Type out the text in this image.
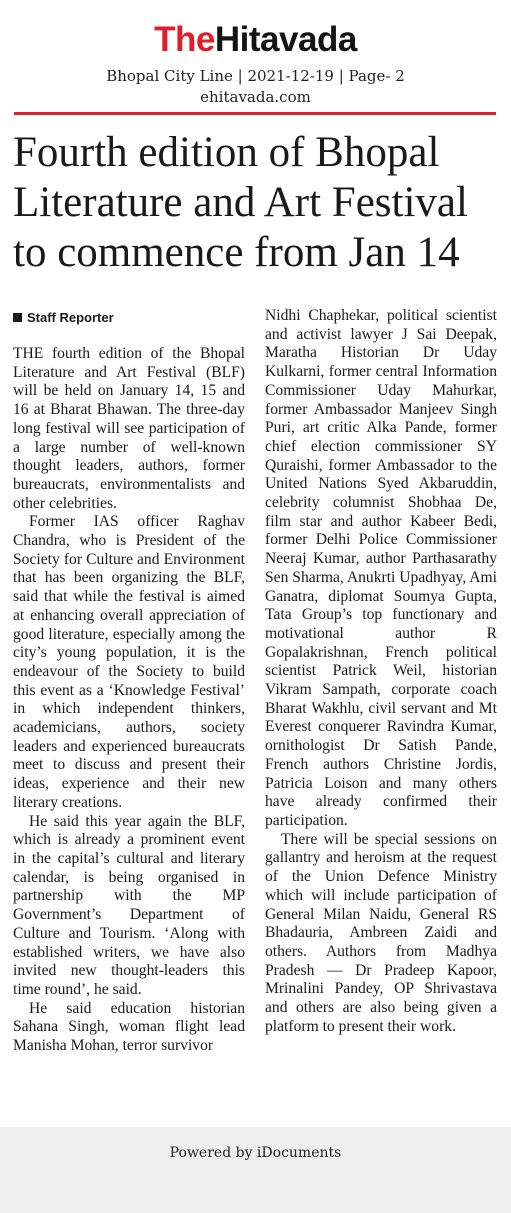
TheHitavada
Bhopal City Line | 2021-12-19 | Page- 2
ehitavada.com
Fourth edition of Bhopal Literature and Art Festival to commence from Jan 14
Staff Reporter

THE fourth edition of the Bhopal Literature and Art Festival (BLF) will be held on January 14, 15 and 16 at Bharat Bhawan. The three-day long festival will see participation of a large number of well-known thought leaders, authors, former bureaucrats, environmentalists and other celebrities.

Former IAS officer Raghav Chandra, who is President of the Society for Culture and Environment that has been organizing the BLF, said that while the festival is aimed at enhancing overall appreciation of good literature, especially among the city’s young population, it is the endeavour of the Society to build this event as a ‘Knowledge Festival’ in which independent thinkers, academicians, authors, society leaders and experienced bureaucrats meet to discuss and present their ideas, experience and their new literary creations.

He said this year again the BLF, which is already a prominent event in the capital’s cultural and literary calendar, is being organised in partnership with the MP Government’s Department of Culture and Tourism. ‘Along with established writers, we have also invited new thought-leaders this time round’, he said.

He said education historian Sahana Singh, woman flight lead Manisha Mohan, terror survivor

Nidhi Chaphekar, political scientist and activist lawyer J Sai Deepak, Maratha Historian Dr Uday Kulkarni, former central Information Commissioner Uday Mahurkar, former Ambassador Manjeev Singh Puri, art critic Alka Pande, former chief election commissioner SY Quraishi, former Ambassador to the United Nations Syed Akbaruddin, celebrity columnist Shobhaa De, film star and author Kabeer Bedi, former Delhi Police Commissioner Neeraj Kumar, author Parthasarathy Sen Sharma, Anukrti Upadhyay, Ami Ganatra, diplomat Soumya Gupta, Tata Group’s top functionary and motivational author R Gopalakrishnan, French political scientist Patrick Weil, historian Vikram Sampath, corporate coach Bharat Wakhlu, civil servant and Mt Everest conquerer Ravindra Kumar, ornithologist Dr Satish Pande, French authors Christine Jordis, Patricia Loison and many others have already confirmed their participation.

There will be special sessions on gallantry and heroism at the request of the Union Defence Ministry which will include participation of General Milan Naidu, General RS Bhadauria, Ambreen Zaidi and others. Authors from Madhya Pradesh — Dr Pradeep Kapoor, Mrinalini Pandey, OP Shrivastava and others are also being given a platform to present their work.

Powered by iDocuments
